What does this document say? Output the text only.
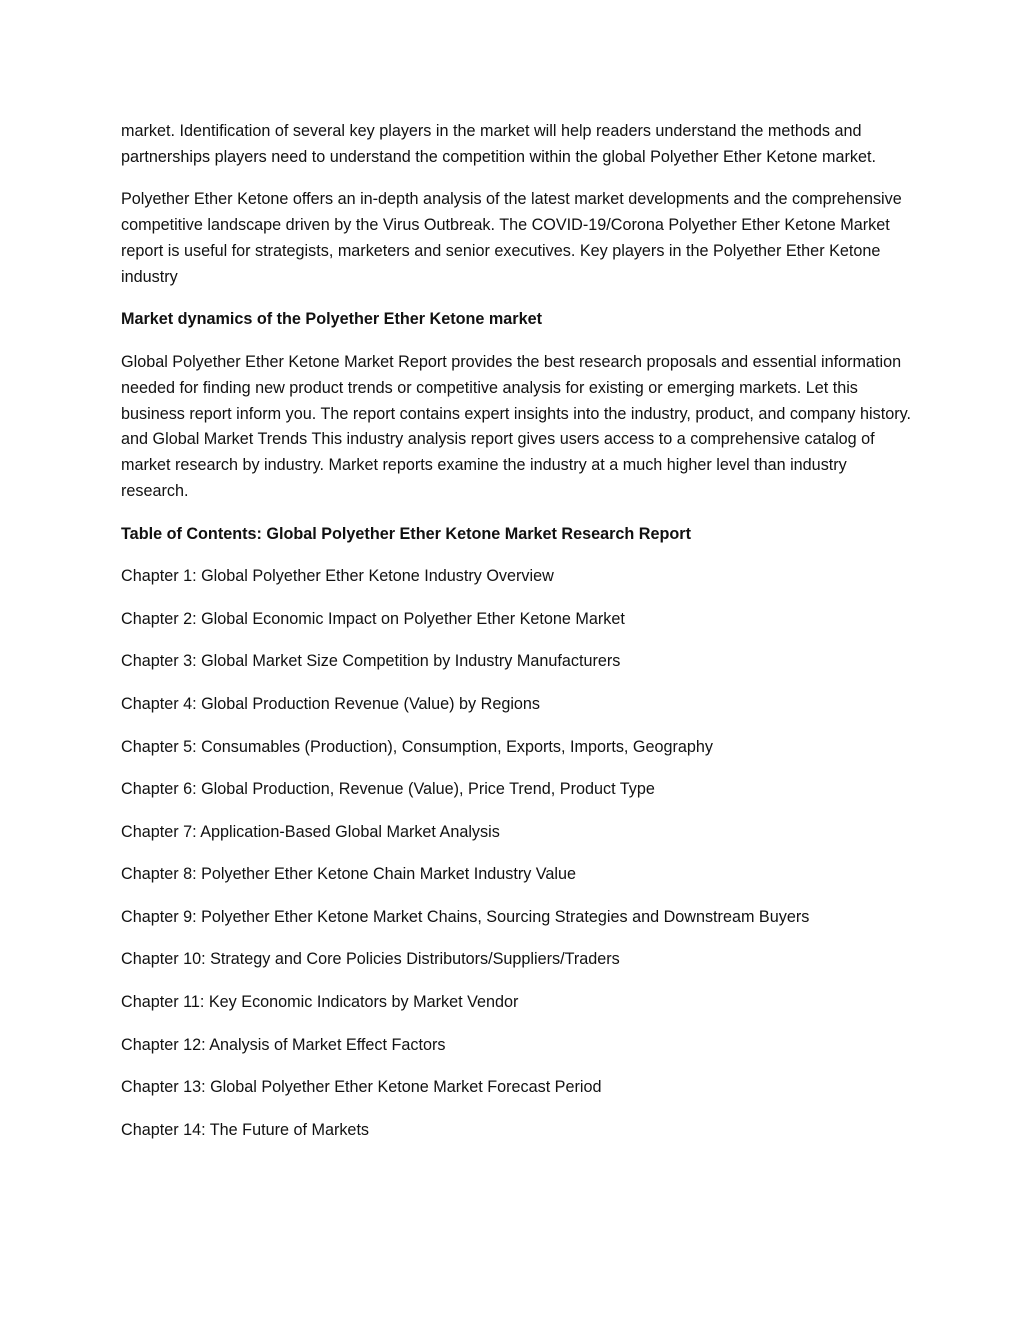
market. Identification of several key players in the market will help readers understand the methods and partnerships players need to understand the competition within the global Polyether Ether Ketone market.

Polyether Ether Ketone offers an in-depth analysis of the latest market developments and the comprehensive competitive landscape driven by the Virus Outbreak. The COVID-19/Corona Polyether Ether Ketone Market report is useful for strategists, marketers and senior executives. Key players in the Polyether Ether Ketone industry

Market dynamics of the Polyether Ether Ketone market

Global Polyether Ether Ketone Market Report provides the best research proposals and essential information needed for finding new product trends or competitive analysis for existing or emerging markets. Let this business report inform you. The report contains expert insights into the industry, product, and company history. and Global Market Trends This industry analysis report gives users access to a comprehensive catalog of market research by industry. Market reports examine the industry at a much higher level than industry research.

Table of Contents: Global Polyether Ether Ketone Market Research Report

Chapter 1: Global Polyether Ether Ketone Industry Overview

Chapter 2: Global Economic Impact on Polyether Ether Ketone Market

Chapter 3: Global Market Size Competition by Industry Manufacturers

Chapter 4: Global Production Revenue (Value) by Regions

Chapter 5: Consumables (Production), Consumption, Exports, Imports, Geography

Chapter 6: Global Production, Revenue (Value), Price Trend, Product Type

Chapter 7: Application-Based Global Market Analysis

Chapter 8: Polyether Ether Ketone Chain Market Industry Value

Chapter 9: Polyether Ether Ketone Market Chains, Sourcing Strategies and Downstream Buyers

Chapter 10: Strategy and Core Policies Distributors/Suppliers/Traders

Chapter 11: Key Economic Indicators by Market Vendor

Chapter 12: Analysis of Market Effect Factors

Chapter 13: Global Polyether Ether Ketone Market Forecast Period

Chapter 14: The Future of Markets
